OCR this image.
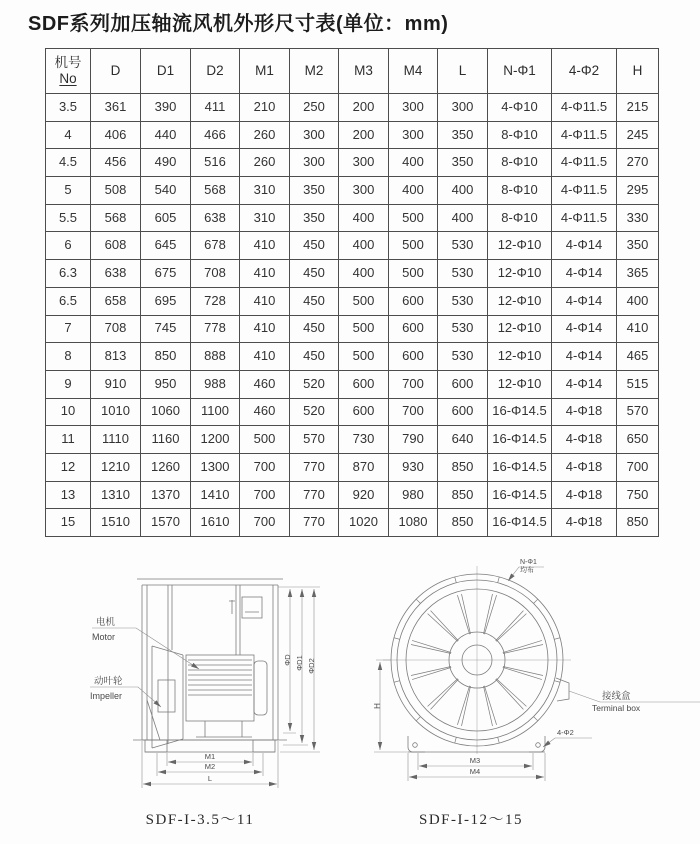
SDF系列加压轴流风机外形尺寸表(单位：mm)
机号
No	D	D1	D2	M1	M2	M3	M4	L	N-Φ1	4-Φ2	H
3.5	361	390	411	210	250	200	300	300	4-Φ10	4-Φ11.5	215
4	406	440	466	260	300	200	300	350	8-Φ10	4-Φ11.5	245
4.5	456	490	516	260	300	300	400	350	8-Φ10	4-Φ11.5	270
5	508	540	568	310	350	300	400	400	8-Φ10	4-Φ11.5	295
5.5	568	605	638	310	350	400	500	400	8-Φ10	4-Φ11.5	330
6	608	645	678	410	450	400	500	530	12-Φ10	4-Φ14	350
6.3	638	675	708	410	450	400	500	530	12-Φ10	4-Φ14	365
6.5	658	695	728	410	450	500	600	530	12-Φ10	4-Φ14	400
7	708	745	778	410	450	500	600	530	12-Φ10	4-Φ14	410
8	813	850	888	410	450	500	600	530	12-Φ10	4-Φ14	465
9	910	950	988	460	520	600	700	600	12-Φ10	4-Φ14	515
10	1010	1060	1100	460	520	600	700	600	16-Φ14.5	4-Φ18	570
11	1110	1160	1200	500	570	730	790	640	16-Φ14.5	4-Φ18	650
12	1210	1260	1300	700	770	870	930	850	16-Φ14.5	4-Φ18	700
13	1310	1370	1410	700	770	920	980	850	16-Φ14.5	4-Φ18	750
15	1510	1570	1610	700	770	1020	1080	850	16-Φ14.5	4-Φ18	850
电机
Motor
动叶轮
Impeller
ΦD ΦD1 ΦD2
M1
M2
L
N-Φ1
均布
接线盒
Terminal box
4-Φ2
H
M3
M4
SDF-I-3.5～11	SDF-I-12～15
